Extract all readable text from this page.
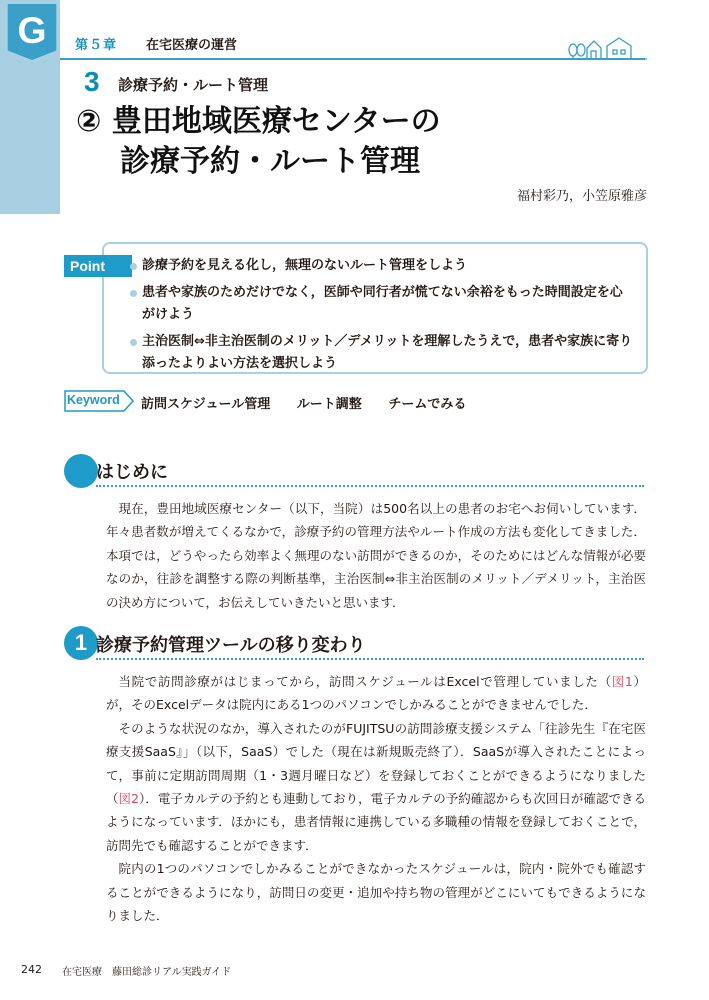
G 第５章 在宅医療の運営
3 診療予約・ルート管理
② 豊田地域医療センターの
診療予約・ルート管理
福村彩乃，小笠原雅彦
Point	診療予約を見える化し，無理のないルート管理をしよう
患者や家族のためだけでなく，医師や同行者が慌てない余裕をもった時間設定を心がけよう
主治医制⇔非主治医制のメリット／デメリットを理解したうえで，患者や家族に寄り添ったよりよい方法を選択しよう
Keyword 訪問スケジュール管理 ルート調整 チームでみる
はじめに

現在，豊田地域医療センター（以下，当院）は500名以上の患者のお宅へお伺いしています．年々患者数が増えてくるなかで，診療予約の管理方法やルート作成の方法も変化してきました．本項では，どうやったら効率よく無理のない訪問ができるのか，そのためにはどんな情報が必要なのか，往診を調整する際の判断基準，主治医制⇔非主治医制のメリット／デメリット，主治医の決め方について，お伝えしていきたいと思います．

1 診療予約管理ツールの移り変わり

当院で訪問診療がはじまってから，訪問スケジュールはExcelで管理していました（図1）が，そのExcelデータは院内にある1つのパソコンでしかみることができませんでした．

そのような状況のなか，導入されたのがFUJITSUの訪問診療支援システム「往診先生『在宅医療支援SaaS』」（以下，SaaS）でした（現在は新規販売終了）．SaaSが導入されたことによって，事前に定期訪問周期（1・3週月曜日など）を登録しておくことができるようになりました（図2）．電子カルテの予約とも連動しており，電子カルテの予約確認からも次回日が確認できるようになっています．ほかにも，患者情報に連携している多職種の情報を登録しておくことで，訪問先でも確認することができます．

院内の1つのパソコンでしかみることができなかったスケジュールは，院内・院外でも確認することができるようになり，訪問日の変更・追加や持ち物の管理がどこにいてもできるようになりました．

242 在宅医療　藤田総診リアル実践ガイド
